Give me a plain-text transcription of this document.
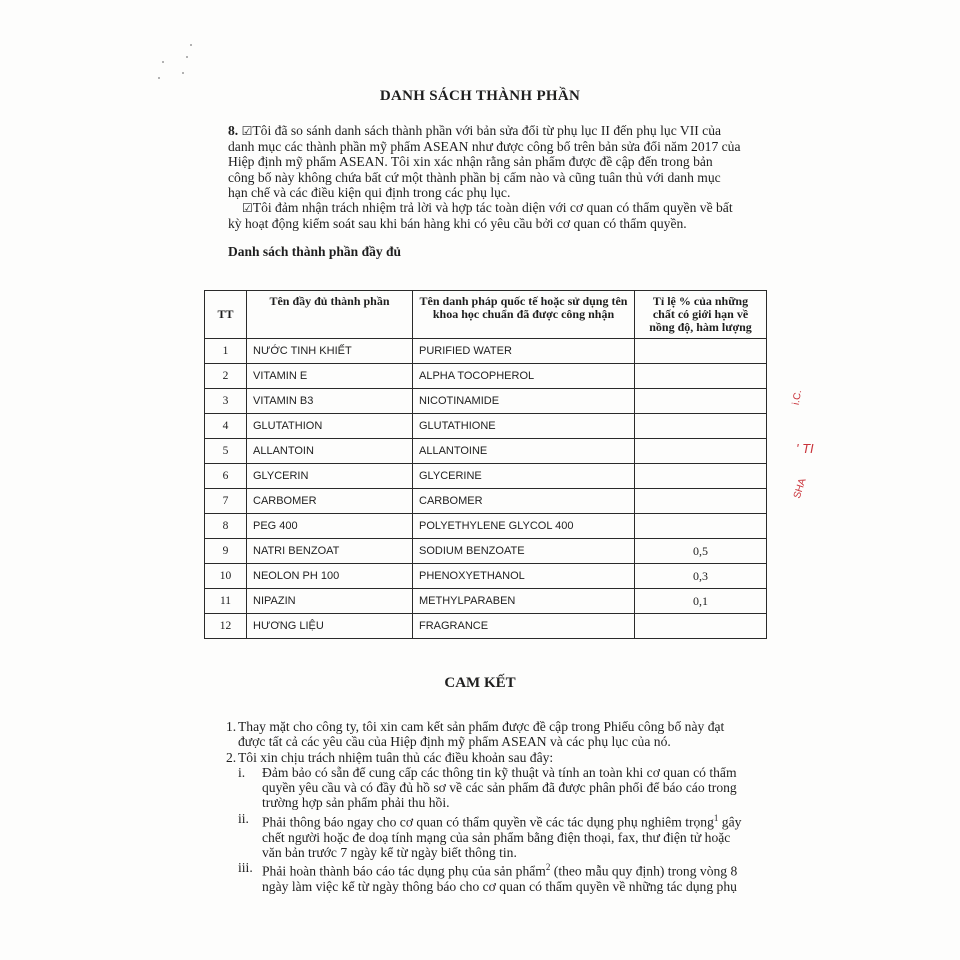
DANH SÁCH THÀNH PHẦN
8. ☑Tôi đã so sánh danh sách thành phần với bản sửa đổi từ phụ lục II đến phụ lục VII của
danh mục các thành phần mỹ phẩm ASEAN như được công bố trên bản sửa đổi năm 2017 của
Hiệp định mỹ phẩm ASEAN. Tôi xin xác nhận rằng sản phẩm được đề cập đến trong bản
công bố này không chứa bất cứ một thành phần bị cấm nào và cũng tuân thủ với danh mục
hạn chế và các điều kiện qui định trong các phụ lục.
☑Tôi đảm nhận trách nhiệm trả lời và hợp tác toàn diện với cơ quan có thẩm quyền về bất
kỳ hoạt động kiểm soát sau khi bán hàng khi có yêu cầu bởi cơ quan có thẩm quyền.
Danh sách thành phần đầy đủ
TT	Tên đầy đủ thành phần	Tên danh pháp quốc tế hoặc sử dụng tên khoa học chuẩn đã được công nhận	Tỉ lệ % của những chất có giới hạn về nồng độ, hàm lượng
1	NƯỚC TINH KHIẾT	PURIFIED WATER	
2	VITAMIN E	ALPHA TOCOPHEROL	
3	VITAMIN B3	NICOTINAMIDE	
4	GLUTATHION	GLUTATHIONE	
5	ALLANTOIN	ALLANTOINE	
6	GLYCERIN	GLYCERINE	
7	CARBOMER	CARBOMER	
8	PEG 400	POLYETHYLENE GLYCOL 400	
9	NATRI BENZOAT	SODIUM BENZOATE	0,5
10	NEOLON PH 100	PHENOXYETHANOL	0,3
11	NIPAZIN	METHYLPARABEN	0,1
12	HƯƠNG LIỆU	FRAGRANCE	
CAM KẾT
1. Thay mặt cho công ty, tôi xin cam kết sản phẩm được đề cập trong Phiếu công bố này đạt
được tất cả các yêu cầu của Hiệp định mỹ phẩm ASEAN và các phụ lục của nó.
2. Tôi xin chịu trách nhiệm tuân thủ các điều khoản sau đây:
i. Đảm bảo có sẵn để cung cấp các thông tin kỹ thuật và tính an toàn khi cơ quan có thẩm
quyền yêu cầu và có đầy đủ hồ sơ về các sản phẩm đã được phân phối để báo cáo trong
trường hợp sản phẩm phải thu hồi.
ii. Phải thông báo ngay cho cơ quan có thẩm quyền về các tác dụng phụ nghiêm trọng$^1$ gây
chết người hoặc đe doạ tính mạng của sản phẩm bằng điện thoại, fax, thư điện tử hoặc
văn bản trước 7 ngày kể từ ngày biết thông tin.
iii. Phải hoàn thành báo cáo tác dụng phụ của sản phẩm$^2$ (theo mẫu quy định) trong vòng 8
ngày làm việc kể từ ngày thông báo cho cơ quan có thẩm quyền về những tác dụng phụ
i.C.
' TI
SHA
